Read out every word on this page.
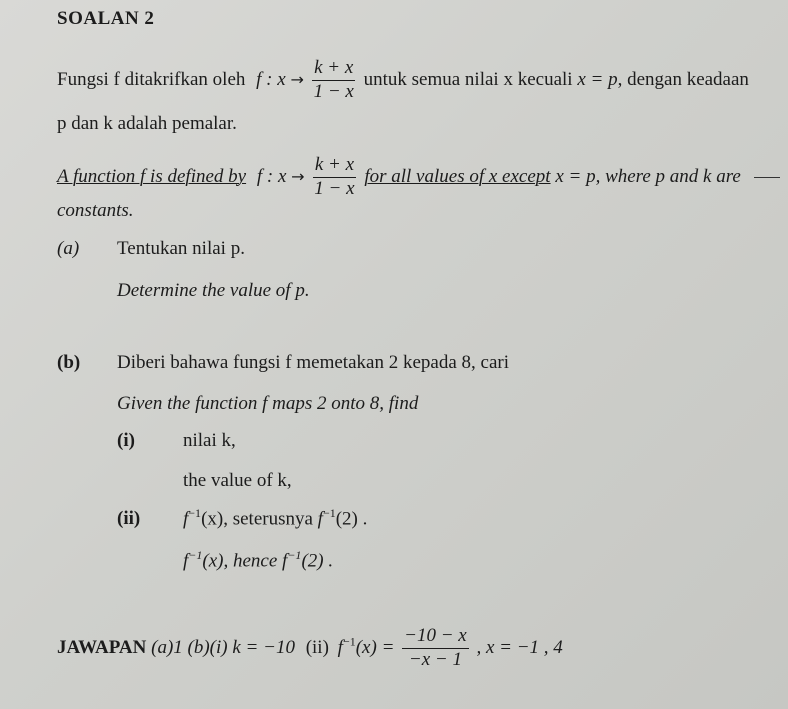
SOALAN 2
Fungsi f ditakrifkan oleh f : $x \to \frac{k + x}{1 - x}$ untuk semua nilai x kecuali x = p, dengan keadaan
p dan k adalah pemalar.
A function f is defined by f : $x \to \frac{k + x}{1 - x}$ for all values of x except x = p, where p and k are
constants.
(a) Tentukan nilai p.
Determine the value of p.
(b) Diberi bahawa fungsi f memetakan 2 kepada 8, cari
Given the function f maps 2 onto 8, find
(i)	nilai k,
the value of k,
(ii) $f^{-1}(x)$, seterusnya $f^{-1}(2)$ .
$f^{-1}(x)$, hence $f^{-1}(2)$ .
JAWAPAN (a)1 (b)(i) k = −10 (ii) $f^{-1}(x) = \frac{-10 - x}{-x - 1}$ , x = −1 , 4
